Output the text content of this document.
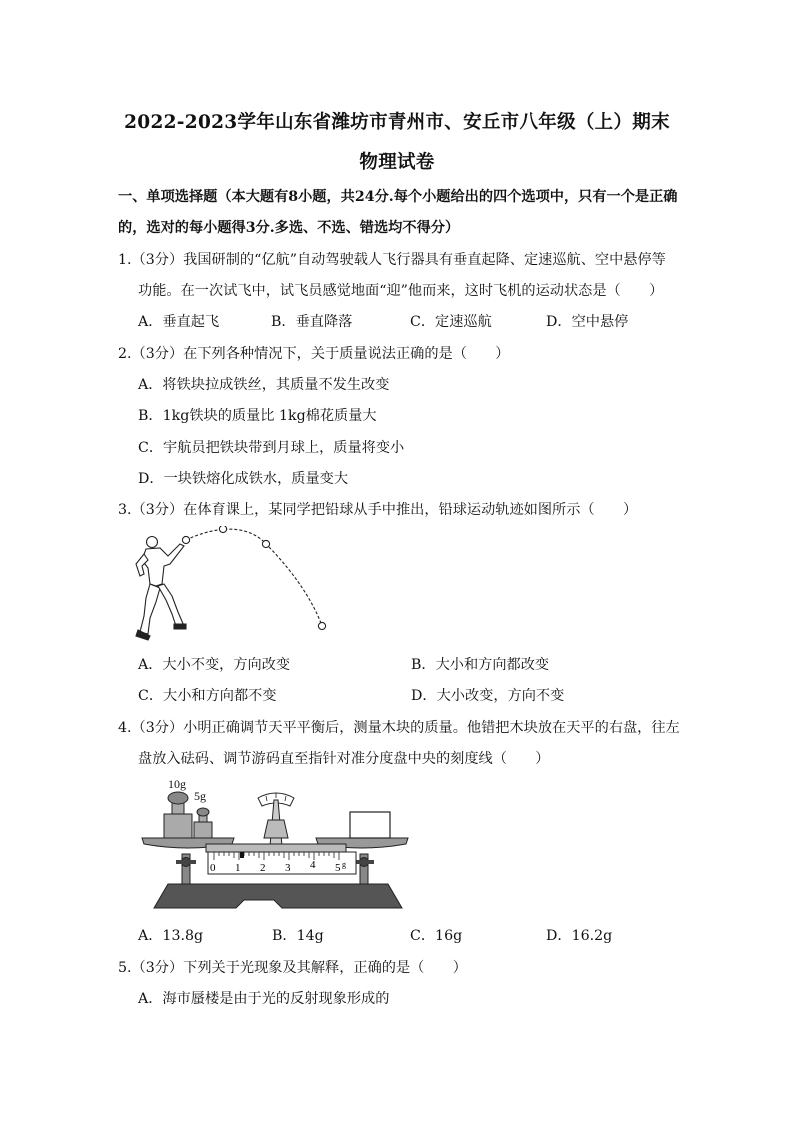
2022-2023学年山东省潍坊市青州市、安丘市八年级（上）期末
物理试卷
一、单项选择题（本大题有8小题，共24分.每个小题给出的四个选项中，只有一个是正确
的，选对的每小题得3分.多选、不选、错选均不得分）
1.（3分）我国研制的“亿航”自动驾驶载人飞行器具有垂直起降、定速巡航、空中悬停等
功能。在一次试飞中，试飞员感觉地面“迎”他而来，这时飞机的运动状态是（　　）
A．垂直起飞	B．垂直降落	C．定速巡航	D．空中悬停
2.（3分）在下列各种情况下，关于质量说法正确的是（　　）
A．将铁块拉成铁丝，其质量不发生改变
B．1kg铁块的质量比 1kg棉花质量大
C．宇航员把铁块带到月球上，质量将变小
D．一块铁熔化成铁水，质量变大
3.（3分）在体育课上，某同学把铅球从手中推出，铅球运动轨迹如图所示（　　）
A．大小不变，方向改变	B．大小和方向都改变
C．大小和方向都不变	D．大小改变，方向不变
4.（3分）小明正确调节天平平衡后，测量木块的质量。他错把木块放在天平的右盘，往左
盘放入砝码、调节游码直至指针对准分度盘中央的刻度线（　　）
10g
5g
0 1 2 3 4 5 g
A．13.8g	B．14g	C．16g	D．16.2g
5.（3分）下列关于光现象及其解释，正确的是（　　）
A．海市蜃楼是由于光的反射现象形成的
